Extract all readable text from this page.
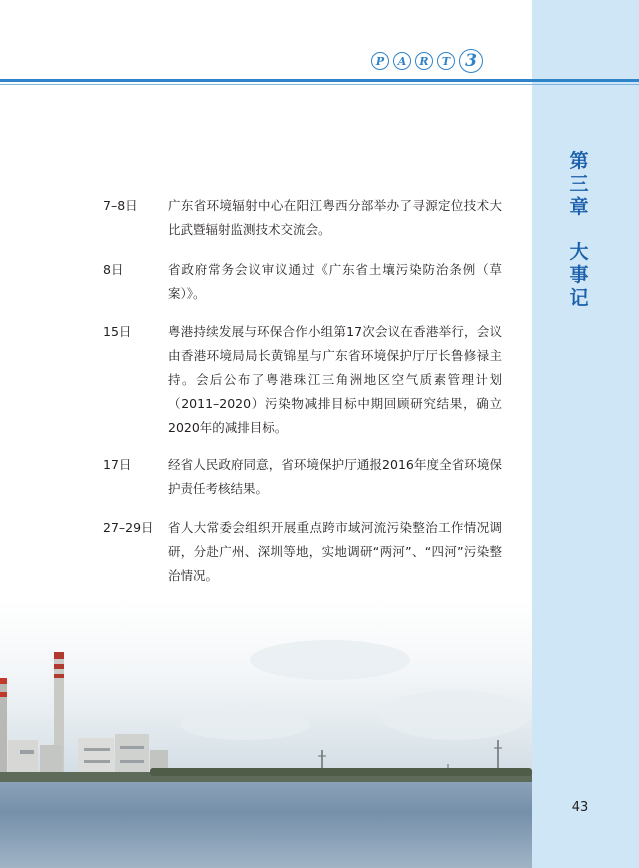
P	A	R	T 3
第三章
大事记
7–8日	广东省环境辐射中心在阳江粤西分部举办了寻源定位技术大比武暨辐射监测技术交流会。
8日	省政府常务会议审议通过《广东省土壤污染防治条例（草案）》。
15日	粤港持续发展与环保合作小组第17次会议在香港举行，会议由香港环境局局长黄锦星与广东省环境保护厅厅长鲁修禄主持。会后公布了粤港珠江三角洲地区空气质素管理计划（2011–2020）污染物减排目标中期回顾研究结果，确立2020年的减排目标。
17日	经省人民政府同意，省环境保护厅通报2016年度全省环境保护责任考核结果。
27–29日	省人大常委会组织开展重点跨市域河流污染整治工作情况调研，分赴广州、深圳等地，实地调研“两河”、“四河”污染整治情况。
43
